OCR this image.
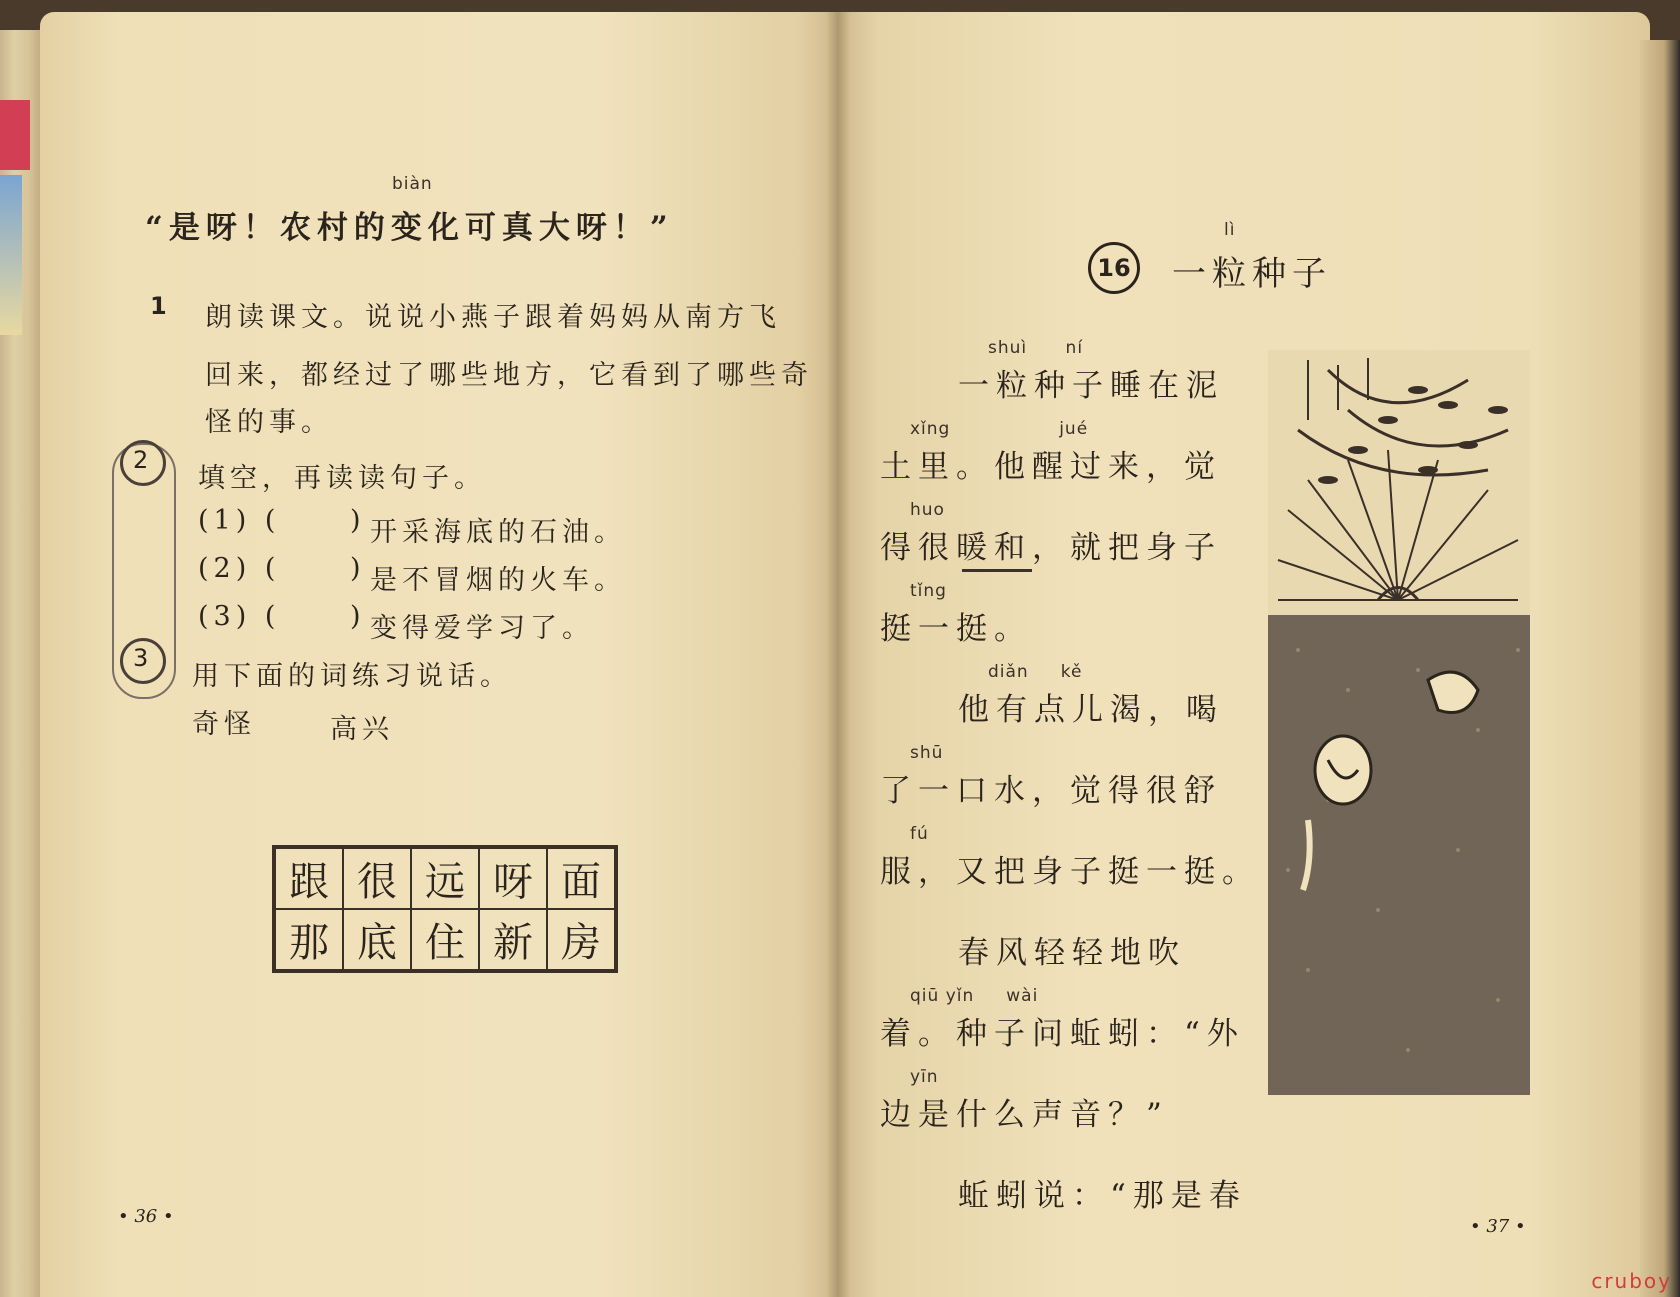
biàn
“是呀！农村的变化可真大呀！”
1 朗读课文。说说小燕子跟着妈妈从南方飞
回来，都经过了哪些地方，它看到了哪些奇
怪的事。
2
填空，再读读句子。
(1) (	) 开采海底的石油。
(2) (	) 是不冒烟的火车。
(3) (	) 变得爱学习了。
3
用下面的词练习说话。
奇怪	高兴
跟	很	远	呀	面
那	底	住	新	房
• 36 •
lì
16 一粒种子
shuì      ní
一粒种子睡在泥
xǐng                 jué
土里。他醒过来，觉
huo
得很暖和，就把身子
tǐng
挺一挺。
diǎn     kě
他有点儿渴，喝
shū
了一口水，觉得很舒
fú
服，又把身子挺一挺。
春风轻轻地吹
qiū yǐn     wài
着。种子问蚯蚓：“外
yīn
边是什么声音？”
蚯蚓说：“那是春
• 37 •
cruboy
